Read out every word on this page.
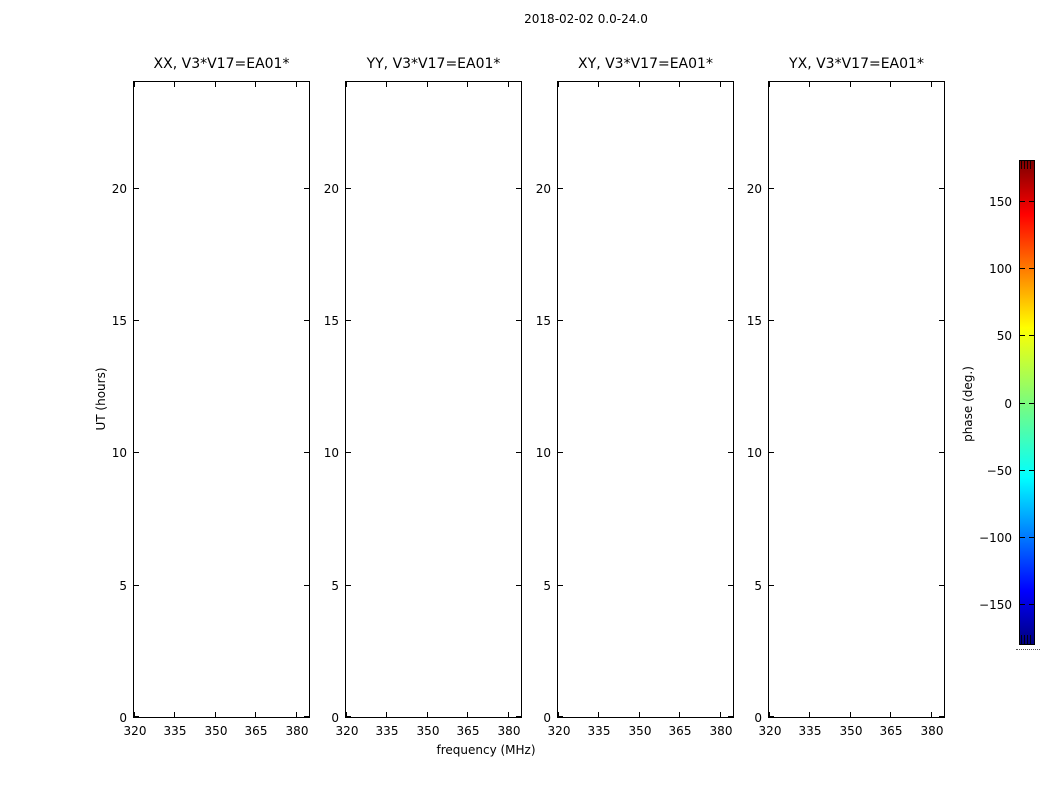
2018-02-02 0.0-24.0
XX, V3*V17=EA01*
320 335 350 365 380
0
5
10
15
20
YY, V3*V17=EA01*
320 335 350 365 380
0
5
10
15
20
XY, V3*V17=EA01*
320 335 350 365 380
0
5
10
15
20
YX, V3*V17=EA01*
320 335 350 365 380
0
5
10
15
20
UT (hours)
frequency (MHz)
150
100
50
0
−50
−100
−150
phase (deg.)
